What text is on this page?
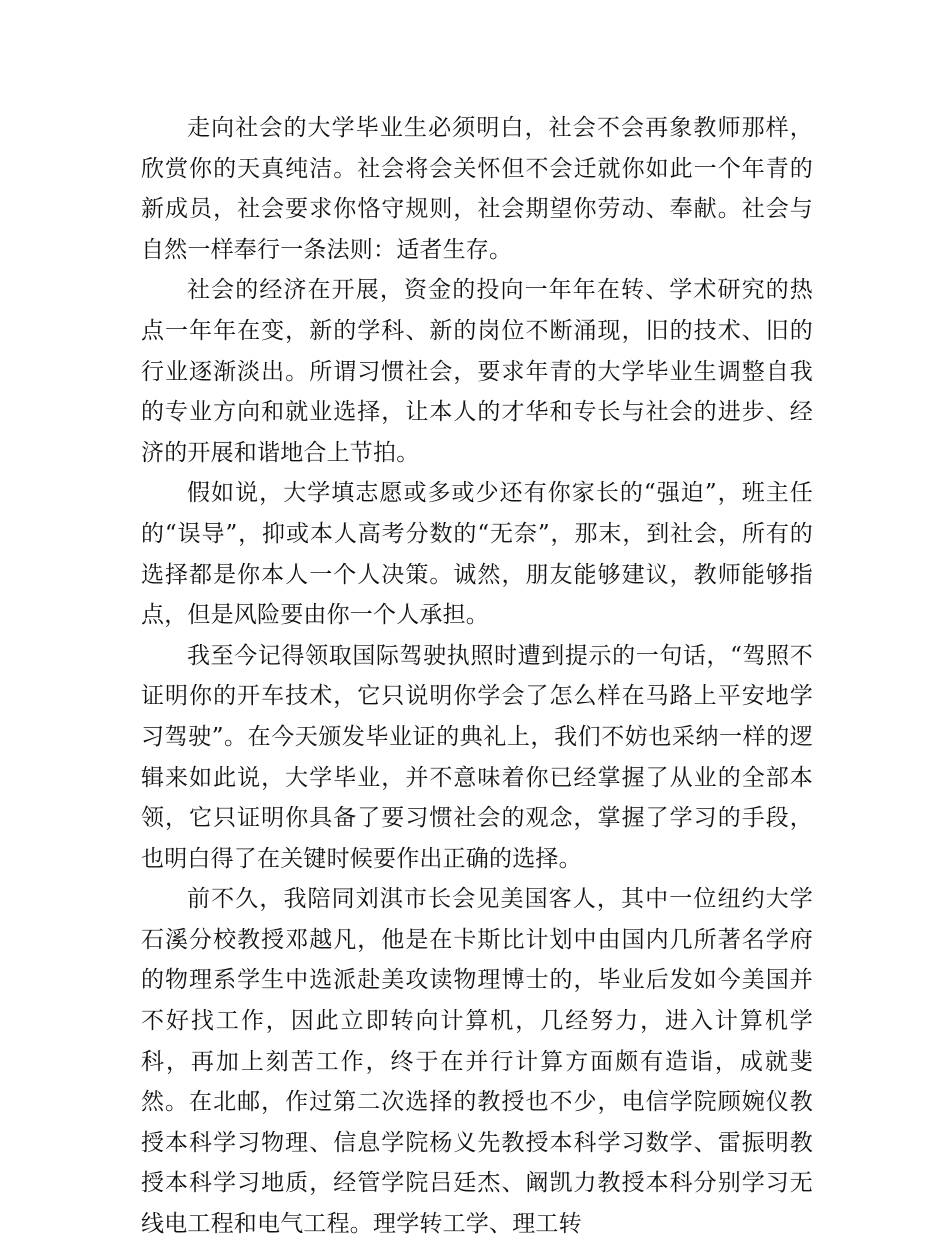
走向社会的大学毕业生必须明白，社会不会再象教师那样，欣赏你的天真纯洁。社会将会关怀但不会迁就你如此一个年青的新成员，社会要求你恪守规则，社会期望你劳动、奉献。社会与自然一样奉行一条法则：适者生存。

社会的经济在开展，资金的投向一年年在转、学术研究的热点一年年在变，新的学科、新的岗位不断涌现，旧的技术、旧的行业逐渐淡出。所谓习惯社会，要求年青的大学毕业生调整自我的专业方向和就业选择，让本人的才华和专长与社会的进步、经济的开展和谐地合上节拍。

假如说，大学填志愿或多或少还有你家长的“强迫”，班主任的“误导”，抑或本人高考分数的“无奈”，那末，到社会，所有的选择都是你本人一个人决策。诚然，朋友能够建议，教师能够指点，但是风险要由你一个人承担。

我至今记得领取国际驾驶执照时遭到提示的一句话，“驾照不证明你的开车技术，它只说明你学会了怎么样在马路上平安地学习驾驶”。在今天颁发毕业证的典礼上，我们不妨也采纳一样的逻辑来如此说，大学毕业，并不意味着你已经掌握了从业的全部本领，它只证明你具备了要习惯社会的观念，掌握了学习的手段，也明白得了在关键时候要作出正确的选择。

前不久，我陪同刘淇市长会见美国客人，其中一位纽约大学石溪分校教授邓越凡，他是在卡斯比计划中由国内几所著名学府的物理系学生中选派赴美攻读物理博士的，毕业后发如今美国并不好找工作，因此立即转向计算机，几经努力，进入计算机学科，再加上刻苦工作，终于在并行计算方面颇有造诣，成就斐然。在北邮，作过第二次选择的教授也不少，电信学院顾婉仪教授本科学习物理、信息学院杨义先教授本科学习数学、雷振明教授本科学习地质，经管学院吕廷杰、阚凯力教授本科分别学习无线电工程和电气工程。理学转工学、理工转
